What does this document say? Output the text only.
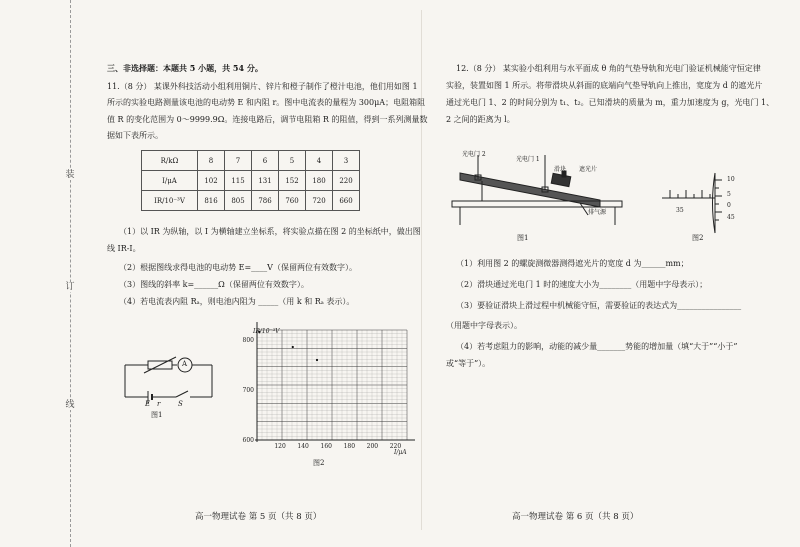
装
订
线
三、非选择题：本题共 5 小题，共 54 分。
11.（8 分） 某课外科技活动小组利用铜片、锌片和橙子制作了橙汁电池，他们用如图 1
所示的实验电路测量该电池的电动势 E 和内阻 r。图中电流表的量程为 300μA；电阻箱阻
值 R 的变化范围为 0～9999.9Ω。连接电路后，调节电阻箱 R 的阻值，得到一系列测量数
据如下表所示。
R/kΩ	8	7	6	5	4	3
I/μA	102	115	131	152	180	220
IR/10⁻³V	816	805	786	760	720	660
（1）以 IR 为纵轴，以 I 为横轴建立坐标系，将实验点描在图 2 的坐标纸中，做出图
线 IR-I。
（2）根据图线求得电池的电动势 E=____V（保留两位有效数字）。
（3）图线的斜率 k=______Ω（保留两位有效数字）。
（4）若电流表内阻 Rₐ，则电池内阻为 _____（用 k 和 Rₐ 表示）。
A
E r	S
图1
800
700
600
120 140 160 180 200 220
IR/10⁻³V
I/μA
图2
高一物理试卷 第 5 页（共 8 页）
12.（8 分） 某实验小组利用与水平面成 θ 角的气垫导轨和光电门验证机械能守恒定律
实验，装置如图 1 所示。将带滑块从斜面的底端向气垫导轨向上推出，宽度为 d 的遮光片
通过光电门 1、2 的时间分别为 t₁、t₂。已知滑块的质量为 m，重力加速度为 g，光电门 1、
2 之间的距离为 l。
光电门 2
光电门 1
滑块 遮光片
排气源
图1
10
5
0
45
35
图2
（1）利用图 2 的螺旋测微器测得遮光片的宽度 d 为______mm；
（2）滑块通过光电门 1 时的速度大小为________（用题中字母表示）；
（3）要验证滑块上滑过程中机械能守恒，需要验证的表达式为________________
（用题中字母表示）。
（4）若考虑阻力的影响，动能的减少量_______势能的增加量（填“大于”“小于”
或“等于”）。
高一物理试卷 第 6 页（共 8 页）
